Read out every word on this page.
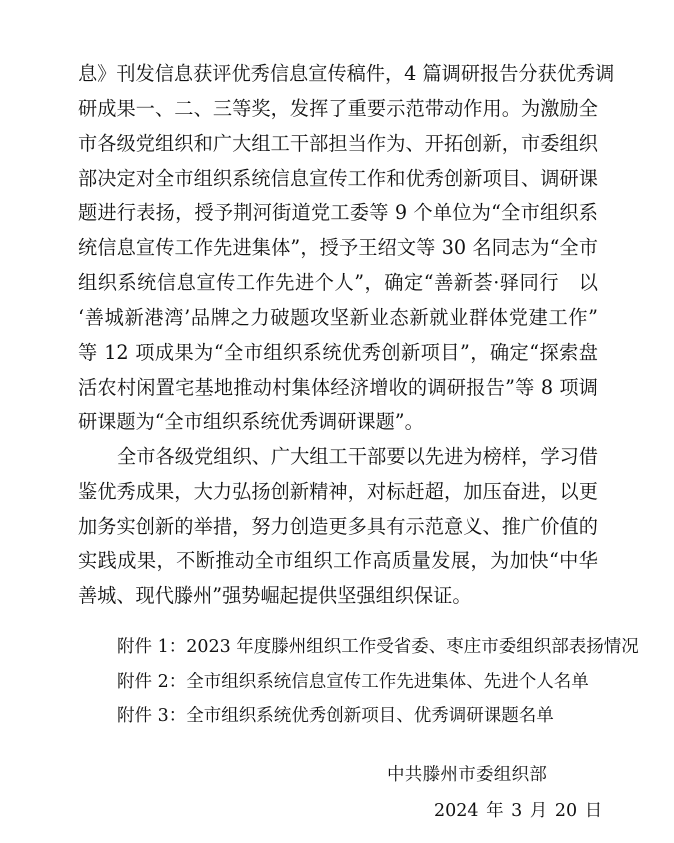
息》刊发信息获评优秀信息宣传稿件，4 篇调研报告分获优秀调
研成果一、二、三等奖，发挥了重要示范带动作用。为激励全
市各级党组织和广大组工干部担当作为、开拓创新，市委组织
部决定对全市组织系统信息宣传工作和优秀创新项目、调研课
题进行表扬，授予荆河街道党工委等 9 个单位为“全市组织系
统信息宣传工作先进集体”，授予王绍文等 30 名同志为“全市
组织系统信息宣传工作先进个人”，确定“善新荟·驿同行　以
‘善城新港湾’品牌之力破题攻坚新业态新就业群体党建工作”
等 12 项成果为“全市组织系统优秀创新项目”，确定“探索盘
活农村闲置宅基地推动村集体经济增收的调研报告”等 8 项调
研课题为“全市组织系统优秀调研课题”。
全市各级党组织、广大组工干部要以先进为榜样，学习借
鉴优秀成果，大力弘扬创新精神，对标赶超，加压奋进，以更
加务实创新的举措，努力创造更多具有示范意义、推广价值的
实践成果，不断推动全市组织工作高质量发展，为加快“中华
善城、现代滕州”强势崛起提供坚强组织保证。
附件 1：2023 年度滕州组织工作受省委、枣庄市委组织部表扬情况
附件 2：全市组织系统信息宣传工作先进集体、先进个人名单
附件 3：全市组织系统优秀创新项目、优秀调研课题名单
中共滕州市委组织部
2024 年 3 月 20 日
